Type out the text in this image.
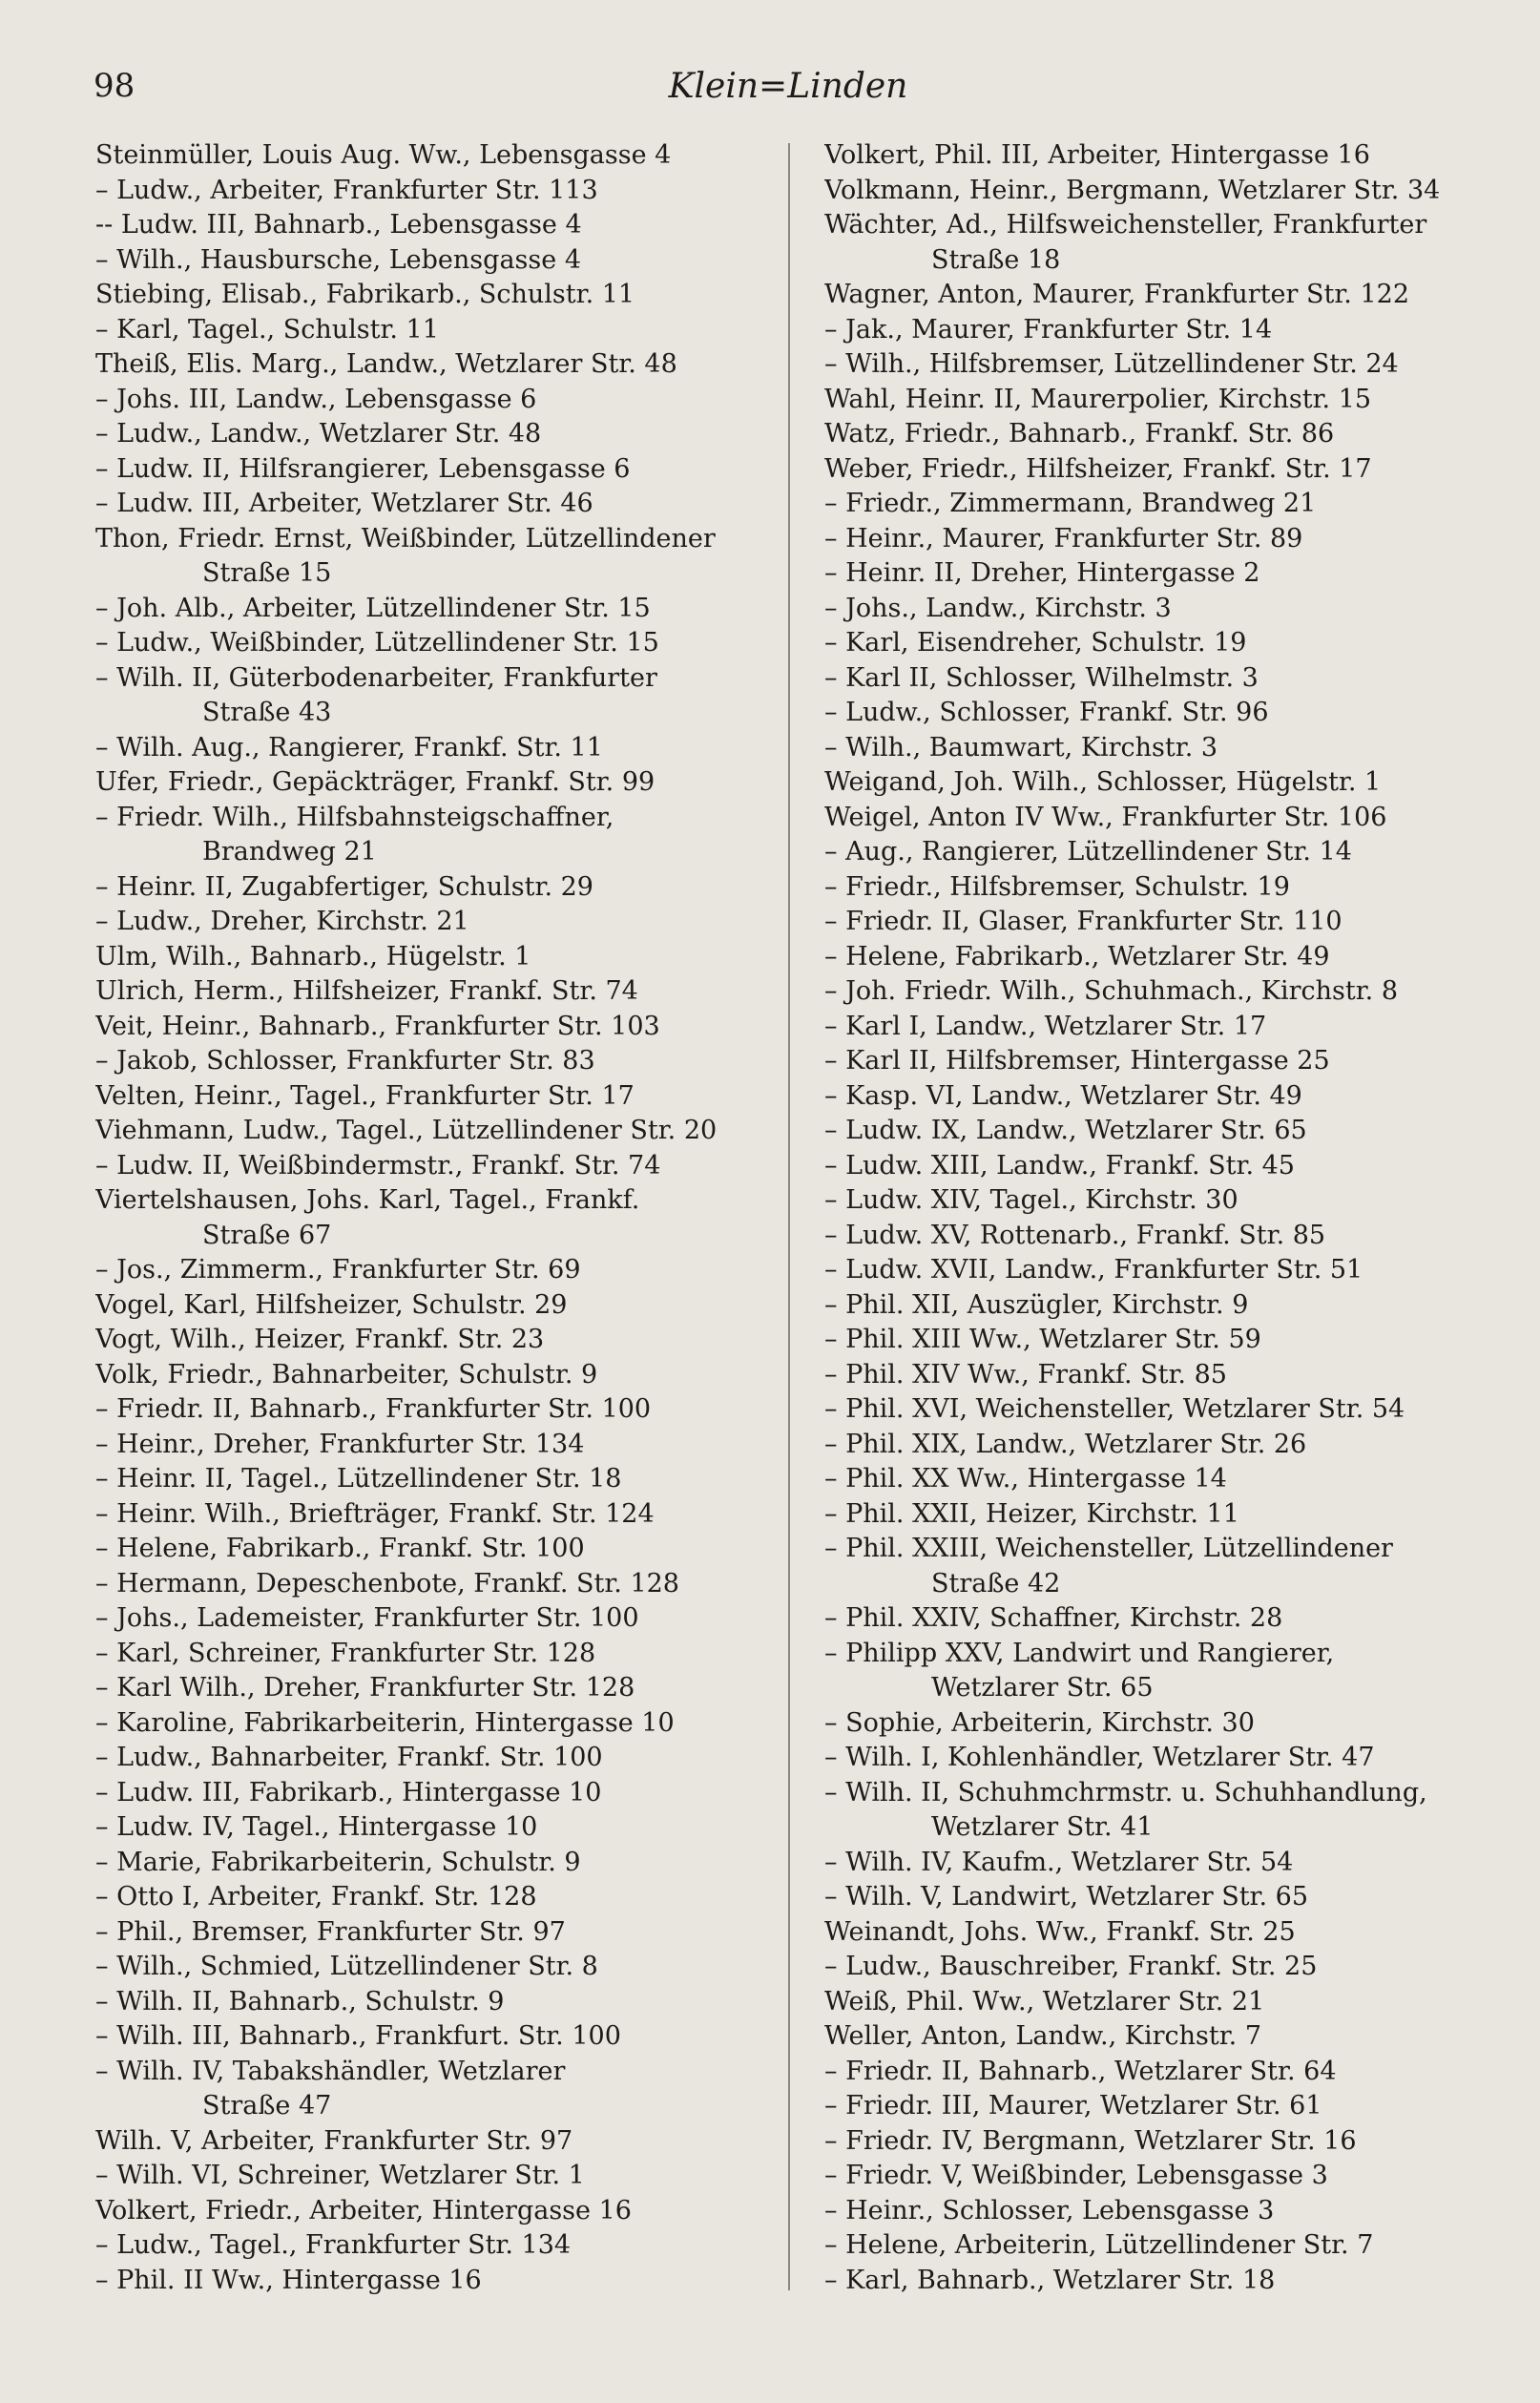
98	Klein=Linden
Steinmüller, Louis Aug. Ww., Lebensgasse 4
– Ludw., Arbeiter, Frankfurter Str. 113
-- Ludw. III, Bahnarb., Lebensgasse 4
– Wilh., Hausbursche, Lebensgasse 4
Stiebing, Elisab., Fabrikarb., Schulstr. 11
– Karl, Tagel., Schulstr. 11
Theiß, Elis. Marg., Landw., Wetzlarer Str. 48
– Johs. III, Landw., Lebensgasse 6
– Ludw., Landw., Wetzlarer Str. 48
– Ludw. II, Hilfsrangierer, Lebensgasse 6
– Ludw. III, Arbeiter, Wetzlarer Str. 46
Thon, Friedr. Ernst, Weißbinder, Lützellindener
Straße 15
– Joh. Alb., Arbeiter, Lützellindener Str. 15
– Ludw., Weißbinder, Lützellindener Str. 15
– Wilh. II, Güterbodenarbeiter, Frankfurter
Straße 43
– Wilh. Aug., Rangierer, Frankf. Str. 11
Ufer, Friedr., Gepäckträger, Frankf. Str. 99
– Friedr. Wilh., Hilfsbahnsteigschaffner,
Brandweg 21
– Heinr. II, Zugabfertiger, Schulstr. 29
– Ludw., Dreher, Kirchstr. 21
Ulm, Wilh., Bahnarb., Hügelstr. 1
Ulrich, Herm., Hilfsheizer, Frankf. Str. 74
Veit, Heinr., Bahnarb., Frankfurter Str. 103
– Jakob, Schlosser, Frankfurter Str. 83
Velten, Heinr., Tagel., Frankfurter Str. 17
Viehmann, Ludw., Tagel., Lützellindener Str. 20
– Ludw. II, Weißbindermstr., Frankf. Str. 74
Viertelshausen, Johs. Karl, Tagel., Frankf.
Straße 67
– Jos., Zimmerm., Frankfurter Str. 69
Vogel, Karl, Hilfsheizer, Schulstr. 29
Vogt, Wilh., Heizer, Frankf. Str. 23
Volk, Friedr., Bahnarbeiter, Schulstr. 9
– Friedr. II, Bahnarb., Frankfurter Str. 100
– Heinr., Dreher, Frankfurter Str. 134
– Heinr. II, Tagel., Lützellindener Str. 18
– Heinr. Wilh., Briefträger, Frankf. Str. 124
– Helene, Fabrikarb., Frankf. Str. 100
– Hermann, Depeschenbote, Frankf. Str. 128
– Johs., Lademeister, Frankfurter Str. 100
– Karl, Schreiner, Frankfurter Str. 128
– Karl Wilh., Dreher, Frankfurter Str. 128
– Karoline, Fabrikarbeiterin, Hintergasse 10
– Ludw., Bahnarbeiter, Frankf. Str. 100
– Ludw. III, Fabrikarb., Hintergasse 10
– Ludw. IV, Tagel., Hintergasse 10
– Marie, Fabrikarbeiterin, Schulstr. 9
– Otto I, Arbeiter, Frankf. Str. 128
– Phil., Bremser, Frankfurter Str. 97
– Wilh., Schmied, Lützellindener Str. 8
– Wilh. II, Bahnarb., Schulstr. 9
– Wilh. III, Bahnarb., Frankfurt. Str. 100
– Wilh. IV, Tabakshändler, Wetzlarer
Straße 47
Wilh. V, Arbeiter, Frankfurter Str. 97
– Wilh. VI, Schreiner, Wetzlarer Str. 1
Volkert, Friedr., Arbeiter, Hintergasse 16
– Ludw., Tagel., Frankfurter Str. 134
– Phil. II Ww., Hintergasse 16
Volkert, Phil. III, Arbeiter, Hintergasse 16
Volkmann, Heinr., Bergmann, Wetzlarer Str. 34
Wächter, Ad., Hilfsweichensteller, Frankfurter
Straße 18
Wagner, Anton, Maurer, Frankfurter Str. 122
– Jak., Maurer, Frankfurter Str. 14
– Wilh., Hilfsbremser, Lützellindener Str. 24
Wahl, Heinr. II, Maurerpolier, Kirchstr. 15
Watz, Friedr., Bahnarb., Frankf. Str. 86
Weber, Friedr., Hilfsheizer, Frankf. Str. 17
– Friedr., Zimmermann, Brandweg 21
– Heinr., Maurer, Frankfurter Str. 89
– Heinr. II, Dreher, Hintergasse 2
– Johs., Landw., Kirchstr. 3
– Karl, Eisendreher, Schulstr. 19
– Karl II, Schlosser, Wilhelmstr. 3
– Ludw., Schlosser, Frankf. Str. 96
– Wilh., Baumwart, Kirchstr. 3
Weigand, Joh. Wilh., Schlosser, Hügelstr. 1
Weigel, Anton IV Ww., Frankfurter Str. 106
– Aug., Rangierer, Lützellindener Str. 14
– Friedr., Hilfsbremser, Schulstr. 19
– Friedr. II, Glaser, Frankfurter Str. 110
– Helene, Fabrikarb., Wetzlarer Str. 49
– Joh. Friedr. Wilh., Schuhmach., Kirchstr. 8
– Karl I, Landw., Wetzlarer Str. 17
– Karl II, Hilfsbremser, Hintergasse 25
– Kasp. VI, Landw., Wetzlarer Str. 49
– Ludw. IX, Landw., Wetzlarer Str. 65
– Ludw. XIII, Landw., Frankf. Str. 45
– Ludw. XIV, Tagel., Kirchstr. 30
– Ludw. XV, Rottenarb., Frankf. Str. 85
– Ludw. XVII, Landw., Frankfurter Str. 51
– Phil. XII, Auszügler, Kirchstr. 9
– Phil. XIII Ww., Wetzlarer Str. 59
– Phil. XIV Ww., Frankf. Str. 85
– Phil. XVI, Weichensteller, Wetzlarer Str. 54
– Phil. XIX, Landw., Wetzlarer Str. 26
– Phil. XX Ww., Hintergasse 14
– Phil. XXII, Heizer, Kirchstr. 11
– Phil. XXIII, Weichensteller, Lützellindener
Straße 42
– Phil. XXIV, Schaffner, Kirchstr. 28
– Philipp XXV, Landwirt und Rangierer,
Wetzlarer Str. 65
– Sophie, Arbeiterin, Kirchstr. 30
– Wilh. I, Kohlenhändler, Wetzlarer Str. 47
– Wilh. II, Schuhmchrmstr. u. Schuhhandlung,
Wetzlarer Str. 41
– Wilh. IV, Kaufm., Wetzlarer Str. 54
– Wilh. V, Landwirt, Wetzlarer Str. 65
Weinandt, Johs. Ww., Frankf. Str. 25
– Ludw., Bauschreiber, Frankf. Str. 25
Weiß, Phil. Ww., Wetzlarer Str. 21
Weller, Anton, Landw., Kirchstr. 7
– Friedr. II, Bahnarb., Wetzlarer Str. 64
– Friedr. III, Maurer, Wetzlarer Str. 61
– Friedr. IV, Bergmann, Wetzlarer Str. 16
– Friedr. V, Weißbinder, Lebensgasse 3
– Heinr., Schlosser, Lebensgasse 3
– Helene, Arbeiterin, Lützellindener Str. 7
– Karl, Bahnarb., Wetzlarer Str. 18
